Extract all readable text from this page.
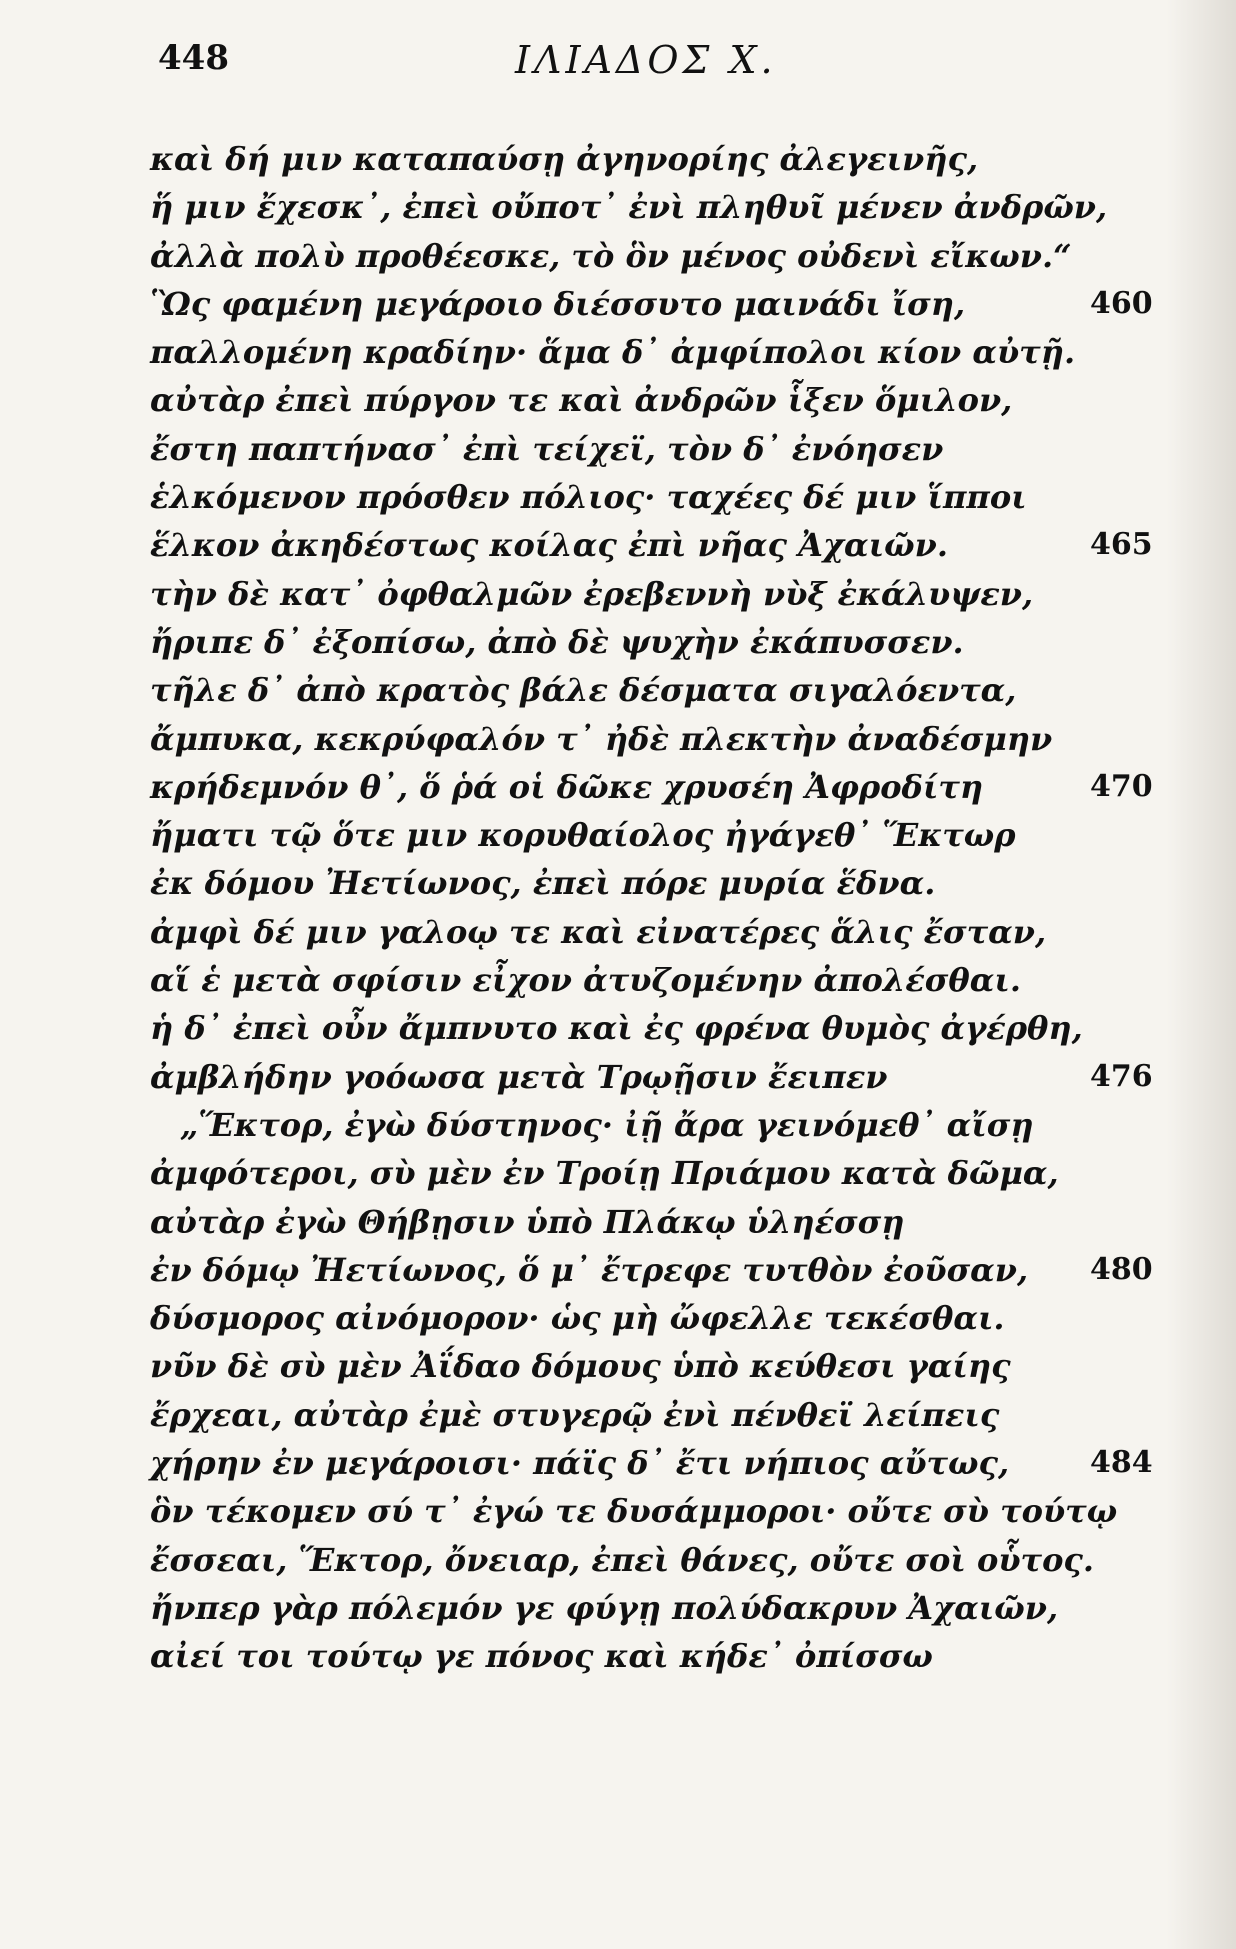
448	ΙΛΙΑΔΟΣ Χ.
καὶ δή μιν καταπαύσῃ ἀγηνορίης ἀλεγεινῆς,
ἥ μιν ἔχεσκ᾽, ἐπεὶ οὔποτ᾽ ἐνὶ πληθυῖ μένεν ἀνδρῶν,
ἀλλὰ πολὺ προθέεσκε, τὸ ὃν μένος οὐδενὶ εἴκων.“
Ὣς φαμένη μεγάροιο διέσσυτο μαινάδι ἴση,	460
παλλομένη κραδίην· ἅμα δ᾽ ἀμφίπολοι κίον αὐτῇ.
αὐτὰρ ἐπεὶ πύργον τε καὶ ἀνδρῶν ἷξεν ὅμιλον,
ἔστη παπτήνασ᾽ ἐπὶ τείχεϊ, τὸν δ᾽ ἐνόησεν
ἑλκόμενον πρόσθεν πόλιος· ταχέες δέ μιν ἵπποι
ἕλκον ἀκηδέστως κοίλας ἐπὶ νῆας Ἀχαιῶν.	465
τὴν δὲ κατ᾽ ὀφθαλμῶν ἐρεβεννὴ νὺξ ἐκάλυψεν,
ἤριπε δ᾽ ἐξοπίσω, ἀπὸ δὲ ψυχὴν ἐκάπυσσεν.
τῆλε δ᾽ ἀπὸ κρατὸς βάλε δέσματα σιγαλόεντα,
ἄμπυκα, κεκρύφαλόν τ᾽ ἠδὲ πλεκτὴν ἀναδέσμην
κρήδεμνόν θ᾽, ὅ ῥά οἱ δῶκε χρυσέη Ἀφροδίτη	470
ἤματι τῷ ὅτε μιν κορυθαίολος ἠγάγεθ᾽ Ἕκτωρ
ἐκ δόμου Ἠετίωνος, ἐπεὶ πόρε μυρία ἕδνα.
ἀμφὶ δέ μιν γαλοῳ τε καὶ εἰνατέρες ἅλις ἔσταν,
αἵ ἑ μετὰ σφίσιν εἶχον ἀτυζομένην ἀπολέσθαι.
ἡ δ᾽ ἐπεὶ οὖν ἄμπνυτο καὶ ἐς φρένα θυμὸς ἀγέρθη,
ἀμβλήδην γοόωσα μετὰ Τρῳῇσιν ἔειπεν	476
„Ἕκτορ, ἐγὼ δύστηνος· ἰῇ ἄρα γεινόμεθ᾽ αἴσῃ
ἀμφότεροι, σὺ μὲν ἐν Τροίῃ Πριάμου κατὰ δῶμα,
αὐτὰρ ἐγὼ Θήβῃσιν ὑπὸ Πλάκῳ ὑληέσσῃ
ἐν δόμῳ Ἠετίωνος, ὅ μ᾽ ἔτρεφε τυτθὸν ἐοῦσαν, 480
δύσμορος αἰνόμορον· ὡς μὴ ὤφελλε τεκέσθαι.
νῦν δὲ σὺ μὲν Ἀΐδαο δόμους ὑπὸ κεύθεσι γαίης
ἔρχεαι, αὐτὰρ ἐμὲ στυγερῷ ἐνὶ πένθεϊ λείπεις
χήρην ἐν μεγάροισι· πάϊς δ᾽ ἔτι νήπιος αὔτως,	484
ὃν τέκομεν σύ τ᾽ ἐγώ τε δυσάμμοροι· οὔτε σὺ τούτῳ
ἔσσεαι, Ἕκτορ, ὄνειαρ, ἐπεὶ θάνες, οὔτε σοὶ οὗτος.
ἤνπερ γὰρ πόλεμόν γε φύγῃ πολύδακρυν Ἀχαιῶν,
αἰεί τοι τούτῳ γε πόνος καὶ κήδε᾽ ὀπίσσω
